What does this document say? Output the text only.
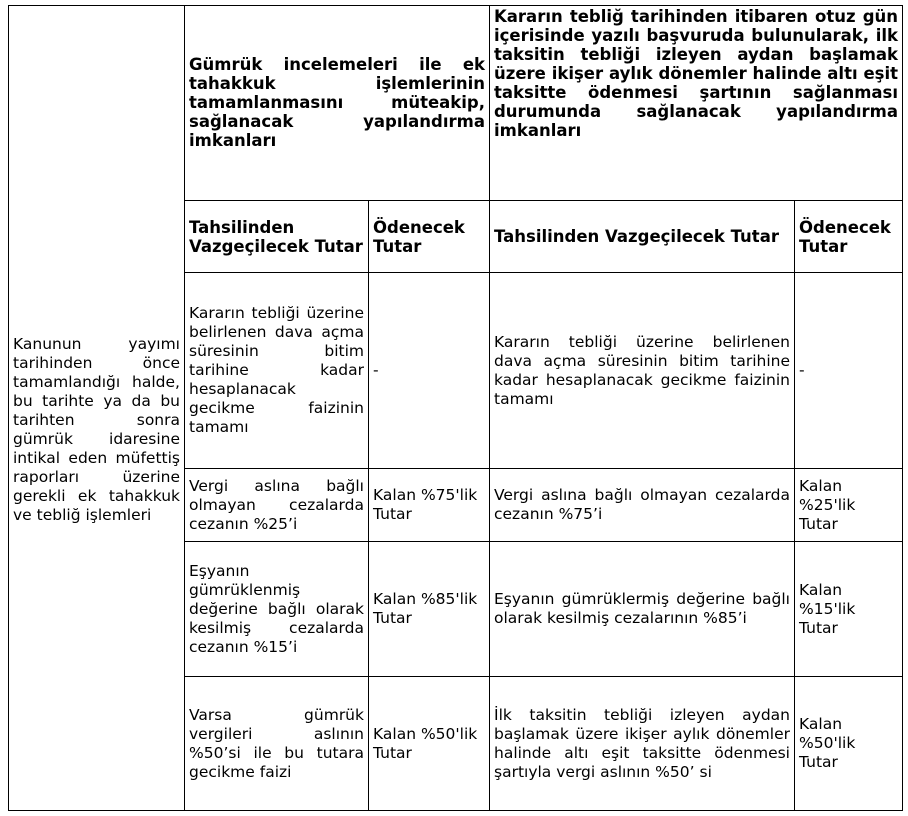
Kanunun yayımı tarihinden önce tamamlandığı halde, bu tarihte ya da bu tarihten sonra gümrük idaresine intikal eden müfettiş raporları üzerine gerekli ek tahakkuk ve tebliğ işlemleri	Gümrük incelemeleri ile ek tahakkuk işlemlerinin tamamlanmasını müteakip, sağlanacak yapılandırma imkanları		Kararın tebliğ tarihinden itibaren otuz gün içerisinde yazılı başvuruda bulunularak, ilk taksitin tebliği izleyen aydan başlamak üzere ikişer aylık dönemler halinde altı eşit taksitte ödenmesi şartının sağlanması durumunda sağlanacak yapılandırma imkanları	

	Tahsilinden Vazgeçilecek Tutar	Ödenecek Tutar	Tahsilinden Vazgeçilecek Tutar	Ödenecek Tutar

	Kararın tebliği üzerine belirlenen dava açma süresinin bitim tarihine kadar hesaplanacak gecikme faizinin tamamı	-	Kararın tebliği üzerine belirlenen dava açma süresinin bitim tarihine kadar hesaplanacak gecikme faizinin tamamı	-
	Vergi aslına bağlı olmayan cezalarda cezanın %25’i	Kalan %75'lik Tutar	Vergi aslına bağlı olmayan cezalarda cezanın %75’i	Kalan %25'lik Tutar
	Eşyanın gümrüklenmiş değerine bağlı olarak kesilmiş cezalarda cezanın %15’i	Kalan %85'lik Tutar	Eşyanın gümrüklermiş değerine bağlı olarak kesilmiş cezalarının %85’i	Kalan %15'lik Tutar
	Varsa gümrük vergileri aslının %50’si ile bu tutara gecikme faizi	Kalan %50'lik Tutar	İlk taksitin tebliği izleyen aydan başlamak üzere ikişer aylık dönemler halinde altı eşit taksitte ödenmesi şartıyla vergi aslının %50’ si	Kalan %50'lik Tutar
